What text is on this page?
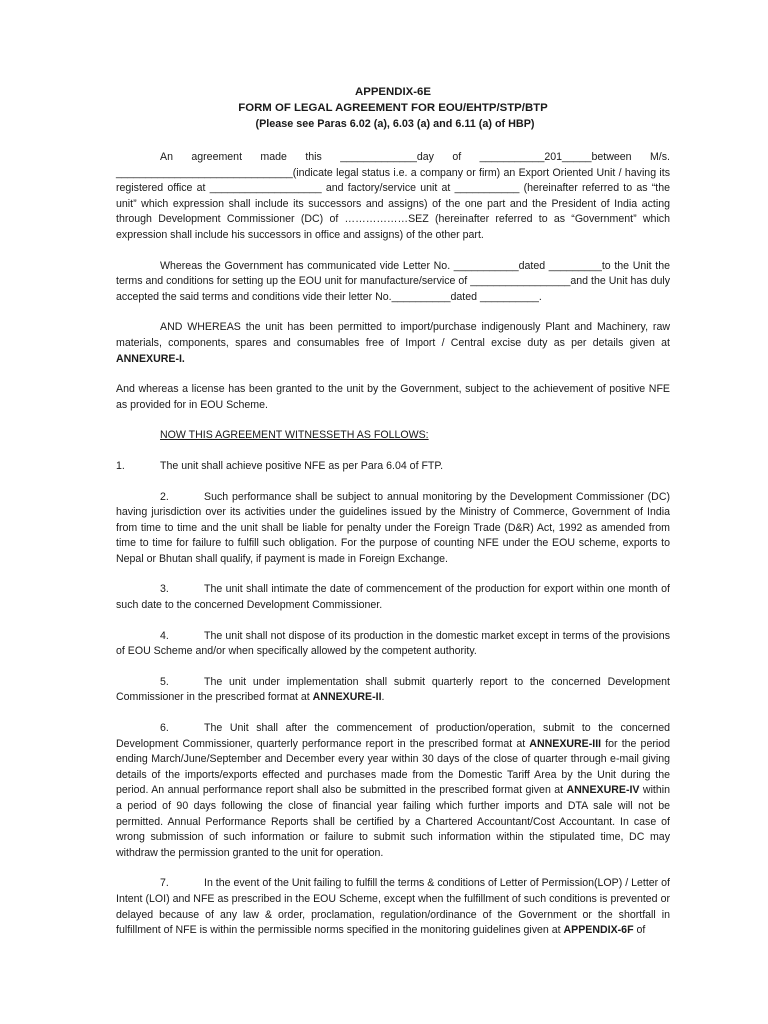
APPENDIX-6E
FORM OF LEGAL AGREEMENT FOR EOU/EHTP/STP/BTP
(Please see Paras 6.02 (a), 6.03 (a) and 6.11 (a) of HBP)

An agreement made this _____________day of ___________201_____between M/s. ______________________________(indicate legal status i.e. a company or firm) an Export Oriented Unit / having its registered office at ___________________ and factory/service unit at ___________ (hereinafter referred to as “the unit” which expression shall include its successors and assigns) of the one part and the President of India acting through Development Commissioner (DC) of ………………SEZ (hereinafter referred to as “Government” which expression shall include his successors in office and assigns) of the other part.

Whereas the Government has communicated vide Letter No. ___________dated _________to the Unit the terms and conditions for setting up the EOU unit for manufacture/service of _________________and the Unit has duly accepted the said terms and conditions vide their letter No.__________dated __________.

AND WHEREAS the unit has been permitted to import/purchase indigenously Plant and Machinery, raw materials, components, spares and consumables free of Import / Central excise duty as per details given at ANNEXURE-I.

And whereas a license has been granted to the unit by the Government, subject to the achievement of positive NFE as provided for in EOU Scheme.

NOW THIS AGREEMENT WITNESSETH AS FOLLOWS:

1.	The unit shall achieve positive NFE as per Para 6.04 of FTP.

2.	Such performance shall be subject to annual monitoring by the Development Commissioner (DC) having jurisdiction over its activities under the guidelines issued by the Ministry of Commerce, Government of India from time to time and the unit shall be liable for penalty under the Foreign Trade (D&R) Act, 1992 as amended from time to time for failure to fulfill such obligation. For the purpose of counting NFE under the EOU scheme, exports to Nepal or Bhutan shall qualify, if payment is made in Foreign Exchange.

3.	The unit shall intimate the date of commencement of the production for export within one month of such date to the concerned Development Commissioner.

4.	The unit shall not dispose of its production in the domestic market except in terms of the provisions of EOU Scheme and/or when specifically allowed by the competent authority.

5.	The unit under implementation shall submit quarterly report to the concerned Development Commissioner in the prescribed format at ANNEXURE-II.

6.	The Unit shall after the commencement of production/operation, submit to the concerned Development Commissioner, quarterly performance report in the prescribed format at ANNEXURE-III for the period ending March/June/September and December every year within 30 days of the close of quarter through e-mail giving details of the imports/exports effected and purchases made from the Domestic Tariff Area by the Unit during the period. An annual performance report shall also be submitted in the prescribed format given at ANNEXURE-IV within a period of 90 days following the close of financial year failing which further imports and DTA sale will not be permitted. Annual Performance Reports shall be certified by a Chartered Accountant/Cost Accountant. In case of wrong submission of such information or failure to submit such information within the stipulated time, DC may withdraw the permission granted to the unit for operation.

7.	In the event of the Unit failing to fulfill the terms & conditions of Letter of Permission(LOP) / Letter of Intent (LOI) and NFE as prescribed in the EOU Scheme, except when the fulfillment of such conditions is prevented or delayed because of any law & order, proclamation, regulation/ordinance of the Government or the shortfall in fulfillment of NFE is within the permissible norms specified in the monitoring guidelines given at APPENDIX-6F of
